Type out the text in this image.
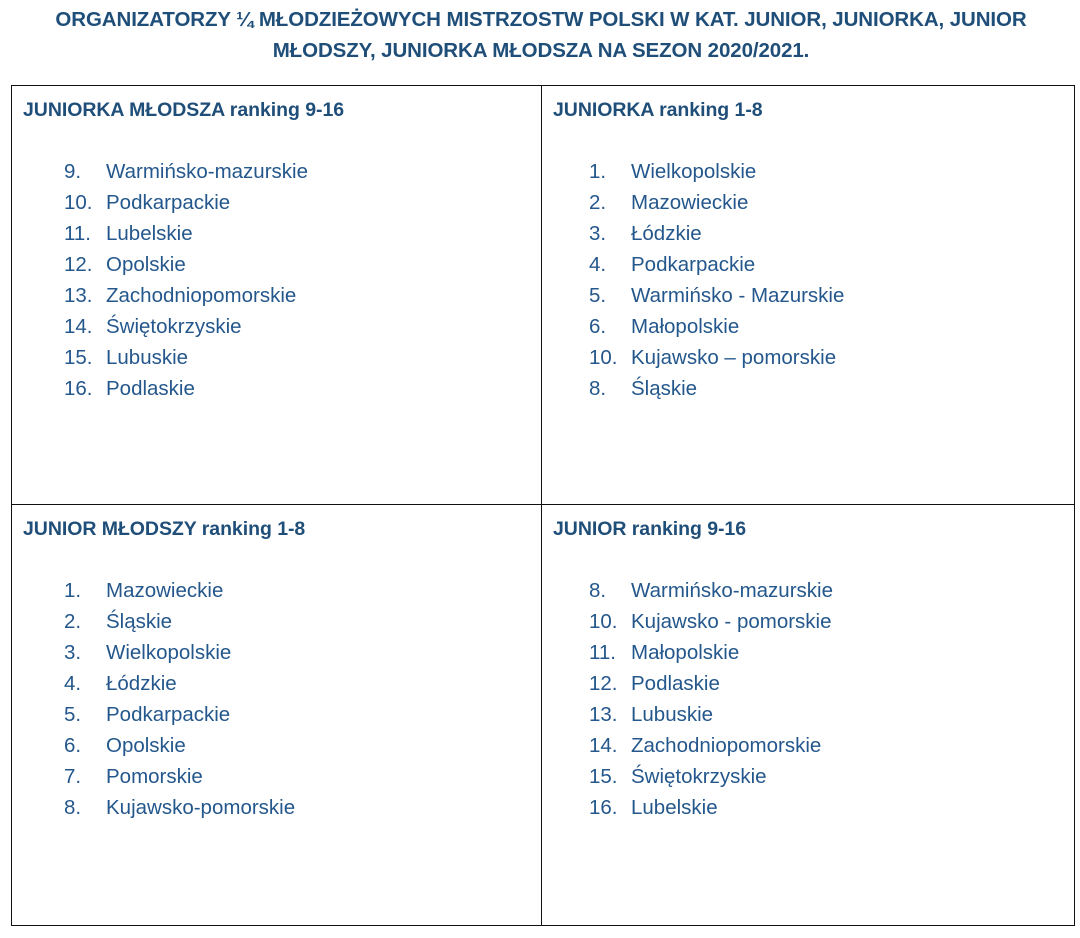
ORGANIZATORZY ¼ MŁODZIEŻOWYCH MISTRZOSTW POLSKI W KAT. JUNIOR, JUNIORKA, JUNIOR MŁODSZY, JUNIORKA MŁODSZA NA SEZON 2020/2021.
JUNIORKA MŁODSZA ranking 9-16
9.	Warmińsko-mazurskie
10. Podkarpackie
11. Lubelskie
12. Opolskie
13. Zachodniopomorskie
14. Świętokrzyskie
15. Lubuskie
16. Podlaskie

JUNIORKA ranking 1-8
1.	Wielkopolskie
2.	Mazowieckie
3.	Łódzkie
4.	Podkarpackie
5.	Warmińsko - Mazurskie
6.	Małopolskie
10. Kujawsko – pomorskie
8.	Śląskie

JUNIOR MŁODSZY ranking 1-8
1.	Mazowieckie
2.	Śląskie
3.	Wielkopolskie
4.	Łódzkie
5.	Podkarpackie
6.	Opolskie
7.	Pomorskie
8.	Kujawsko-pomorskie

JUNIOR ranking 9-16
8.	Warmińsko-mazurskie
10. Kujawsko - pomorskie
11. Małopolskie
12. Podlaskie
13. Lubuskie
14. Zachodniopomorskie
15. Świętokrzyskie
16. Lubelskie
